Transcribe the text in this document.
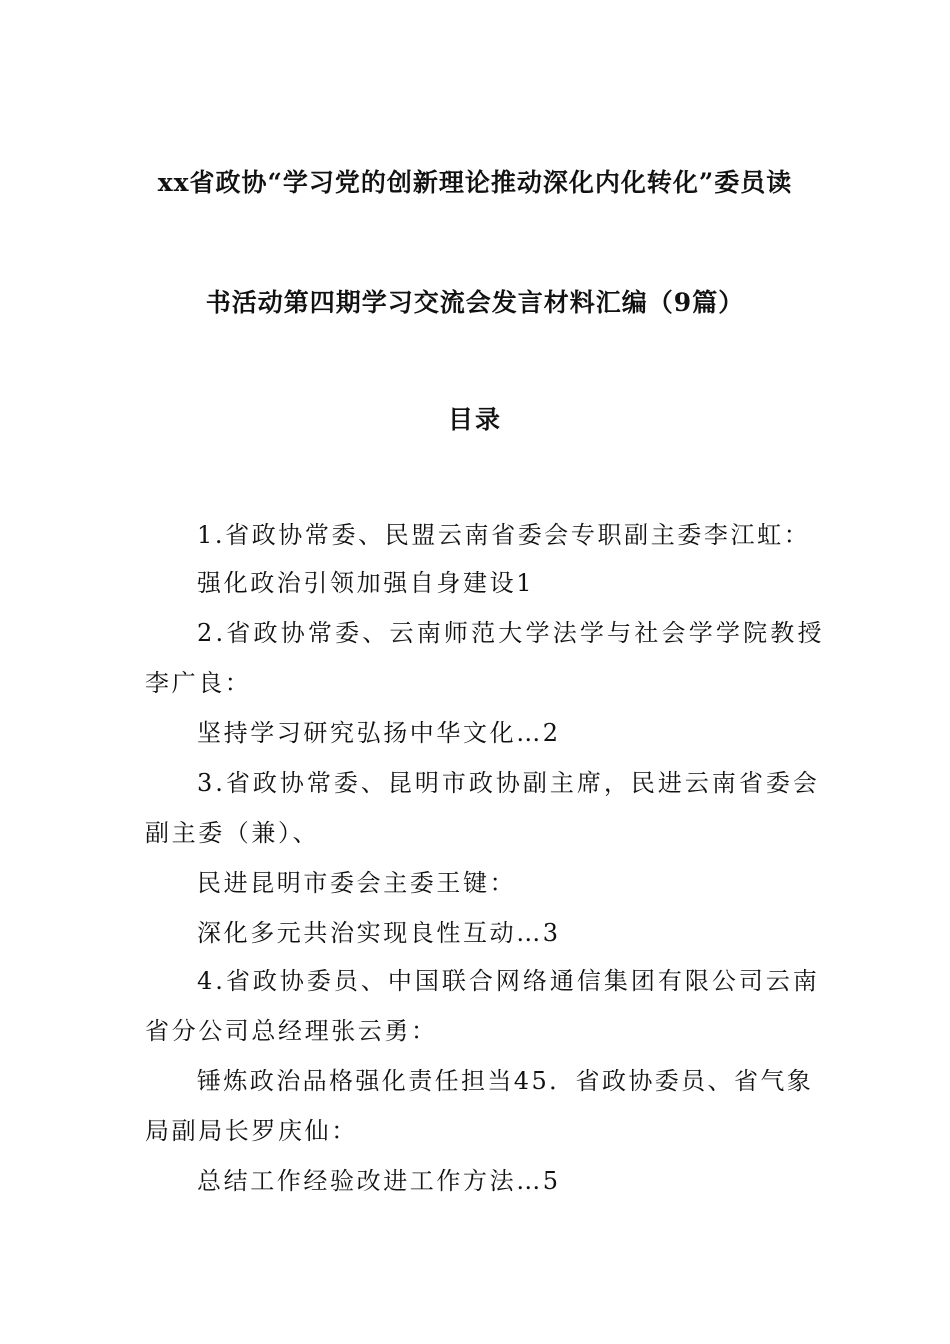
xx省政协“学习党的创新理论推动深化内化转化”委员读
书活动第四期学习交流会发言材料汇编（9篇）
目录
1.省政协常委、民盟云南省委会专职副主委李江虹：
强化政治引领加强自身建设1
2.省政协常委、云南师范大学法学与社会学学院教授
李广良：
坚持学习研究弘扬中华文化…2
3.省政协常委、昆明市政协副主席，民进云南省委会
副主委（兼）、
民进昆明市委会主委王键：
深化多元共治实现良性互动…3
4.省政协委员、中国联合网络通信集团有限公司云南
省分公司总经理张云勇：
锤炼政治品格强化责任担当45．省政协委员、省气象
局副局长罗庆仙：
总结工作经验改进工作方法…5
